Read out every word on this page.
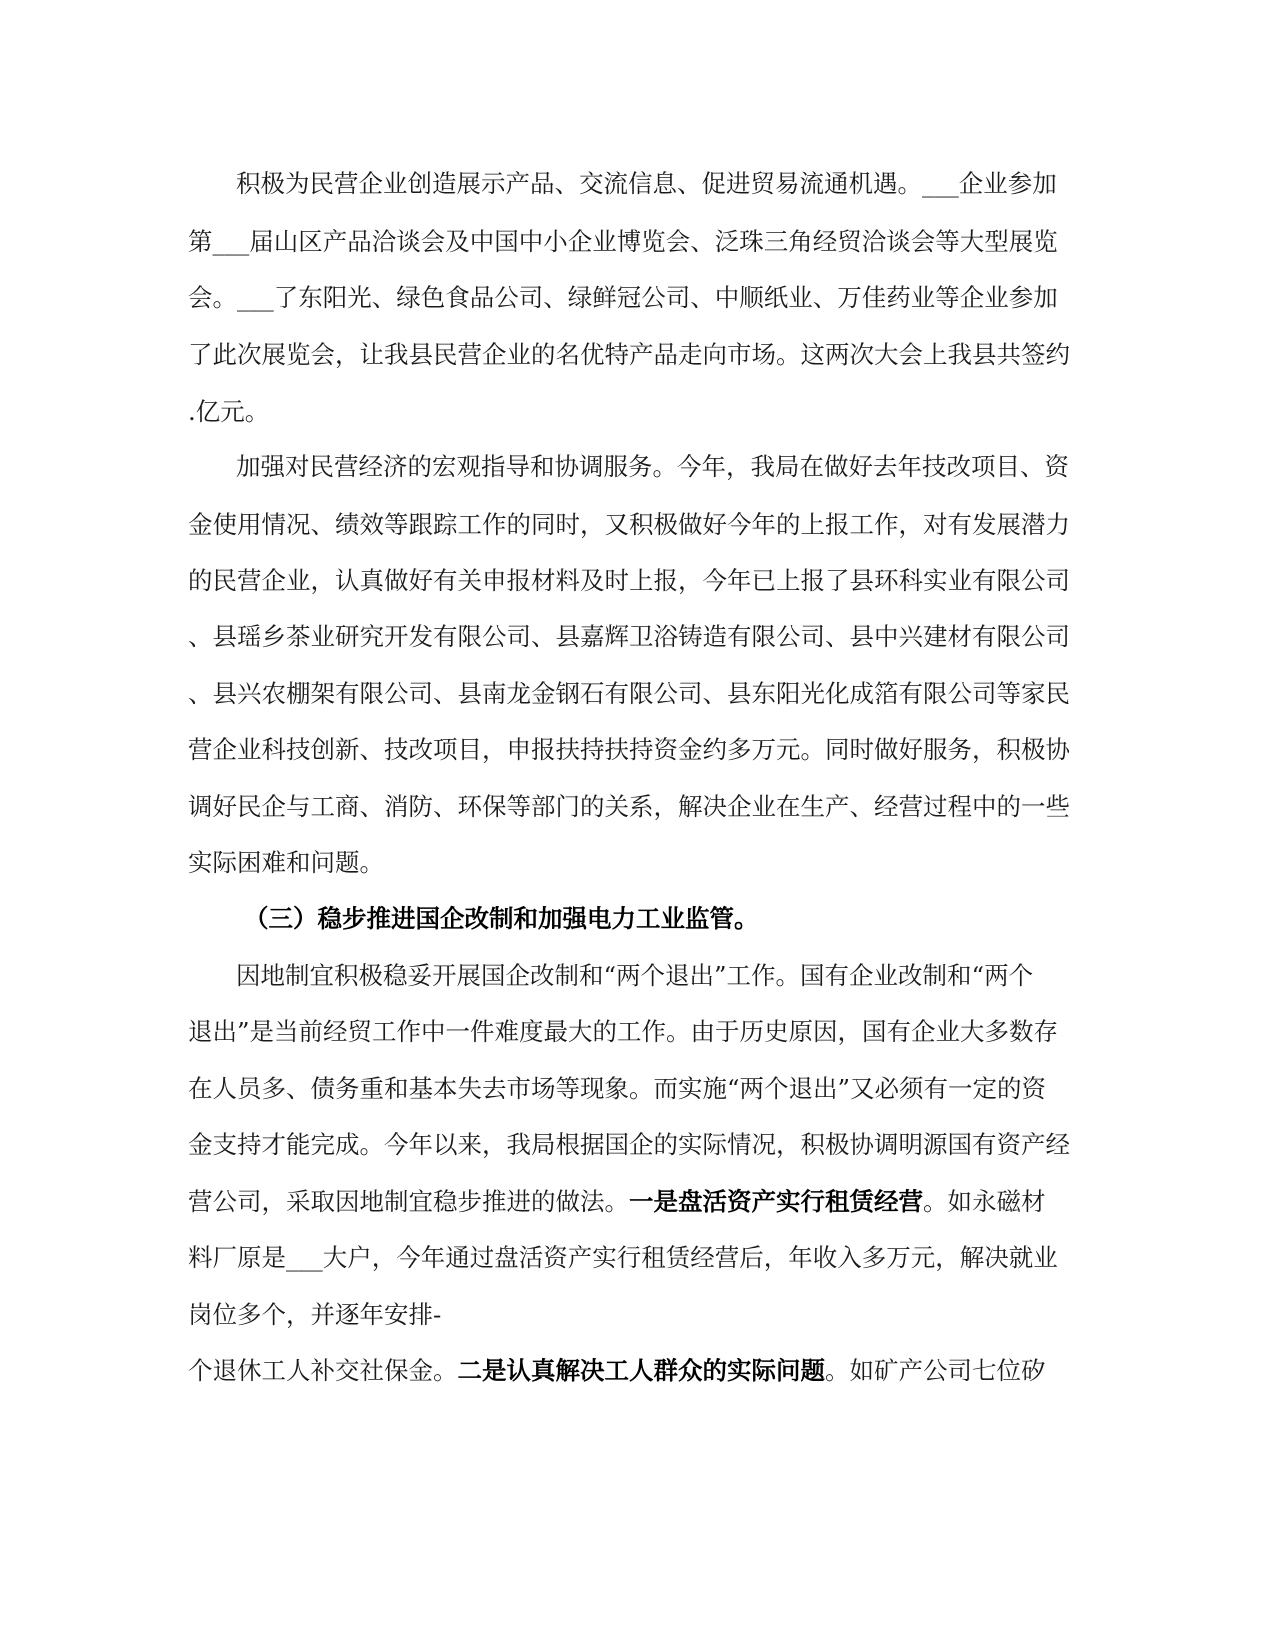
积极为民营企业创造展示产品、交流信息、促进贸易流通机遇。___企业参加

第___届山区产品洽谈会及中国中小企业博览会、泛珠三角经贸洽谈会等大型展览

会。___了东阳光、绿色食品公司、绿鲜冠公司、中顺纸业、万佳药业等企业参加

了此次展览会，让我县民营企业的名优特产品走向市场。这两次大会上我县共签约

.亿元。

加强对民营经济的宏观指导和协调服务。今年，我局在做好去年技改项目、资

金使用情况、绩效等跟踪工作的同时，又积极做好今年的上报工作，对有发展潜力

的民营企业，认真做好有关申报材料及时上报，今年已上报了县环科实业有限公司

、县瑶乡茶业研究开发有限公司、县嘉辉卫浴铸造有限公司、县中兴建材有限公司

、县兴农棚架有限公司、县南龙金钢石有限公司、县东阳光化成箔有限公司等家民

营企业科技创新、技改项目，申报扶持扶持资金约多万元。同时做好服务，积极协

调好民企与工商、消防、环保等部门的关系，解决企业在生产、经营过程中的一些

实际困难和问题。

（三）稳步推进国企改制和加强电力工业监管。

因地制宜积极稳妥开展国企改制和“两个退出”工作。国有企业改制和“两个

退出”是当前经贸工作中一件难度最大的工作。由于历史原因，国有企业大多数存

在人员多、债务重和基本失去市场等现象。而实施“两个退出”又必须有一定的资

金支持才能完成。今年以来，我局根据国企的实际情况，积极协调明源国有资产经

营公司，采取因地制宜稳步推进的做法。一是盘活资产实行租赁经营。如永磁材

料厂原是___大户，今年通过盘活资产实行租赁经营后，年收入多万元，解决就业

岗位多个，并逐年安排-

个退休工人补交社保金。二是认真解决工人群众的实际问题。如矿产公司七位矽
